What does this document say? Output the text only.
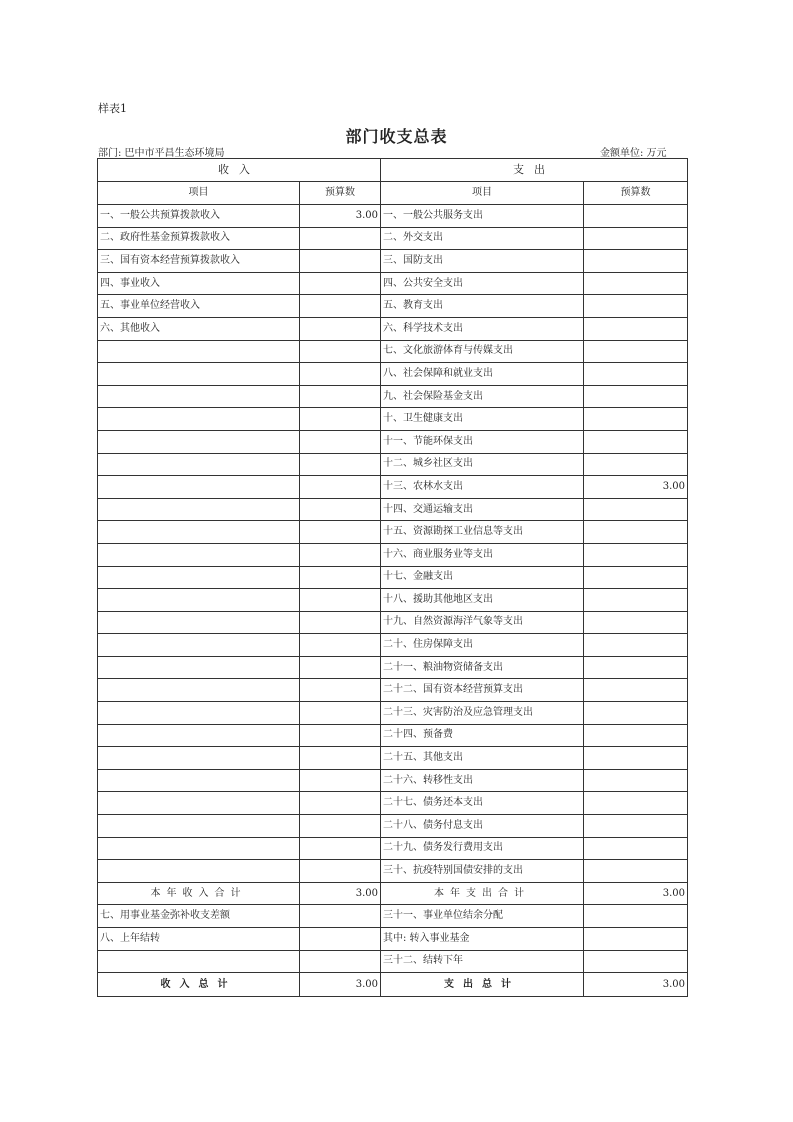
样表1
部门收支总表
部门: 巴中市平昌生态环境局	金额单位: 万元
收入		支出	
项目	预算数	项目	预算数
一、一般公共预算拨款收入	3.00	一、一般公共服务支出	
二、政府性基金预算拨款收入		二、外交支出	
三、国有资本经营预算拨款收入		三、国防支出	
四、事业收入		四、公共安全支出	
五、事业单位经营收入		五、教育支出	
六、其他收入		六、科学技术支出	
		七、文化旅游体育与传媒支出	
		八、社会保障和就业支出	
		九、社会保险基金支出	
		十、卫生健康支出	
		十一、节能环保支出	
		十二、城乡社区支出	
		十三、农林水支出	3.00
		十四、交通运输支出	
		十五、资源勘探工业信息等支出	
		十六、商业服务业等支出	
		十七、金融支出	
		十八、援助其他地区支出	
		十九、自然资源海洋气象等支出	
		二十、住房保障支出	
		二十一、粮油物资储备支出	
		二十二、国有资本经营预算支出	
		二十三、灾害防治及应急管理支出	
		二十四、预备费	
		二十五、其他支出	
		二十六、转移性支出	
		二十七、债务还本支出	
		二十八、债务付息支出	
		二十九、债务发行费用支出	
		三十、抗疫特别国债安排的支出	
本年收入合计	3.00	本年支出合计	3.00
七、用事业基金弥补收支差额		三十一、事业单位结余分配	
八、上年结转		其中: 转入事业基金	
		三十二、结转下年	
收入总计	3.00	支出总计	3.00
